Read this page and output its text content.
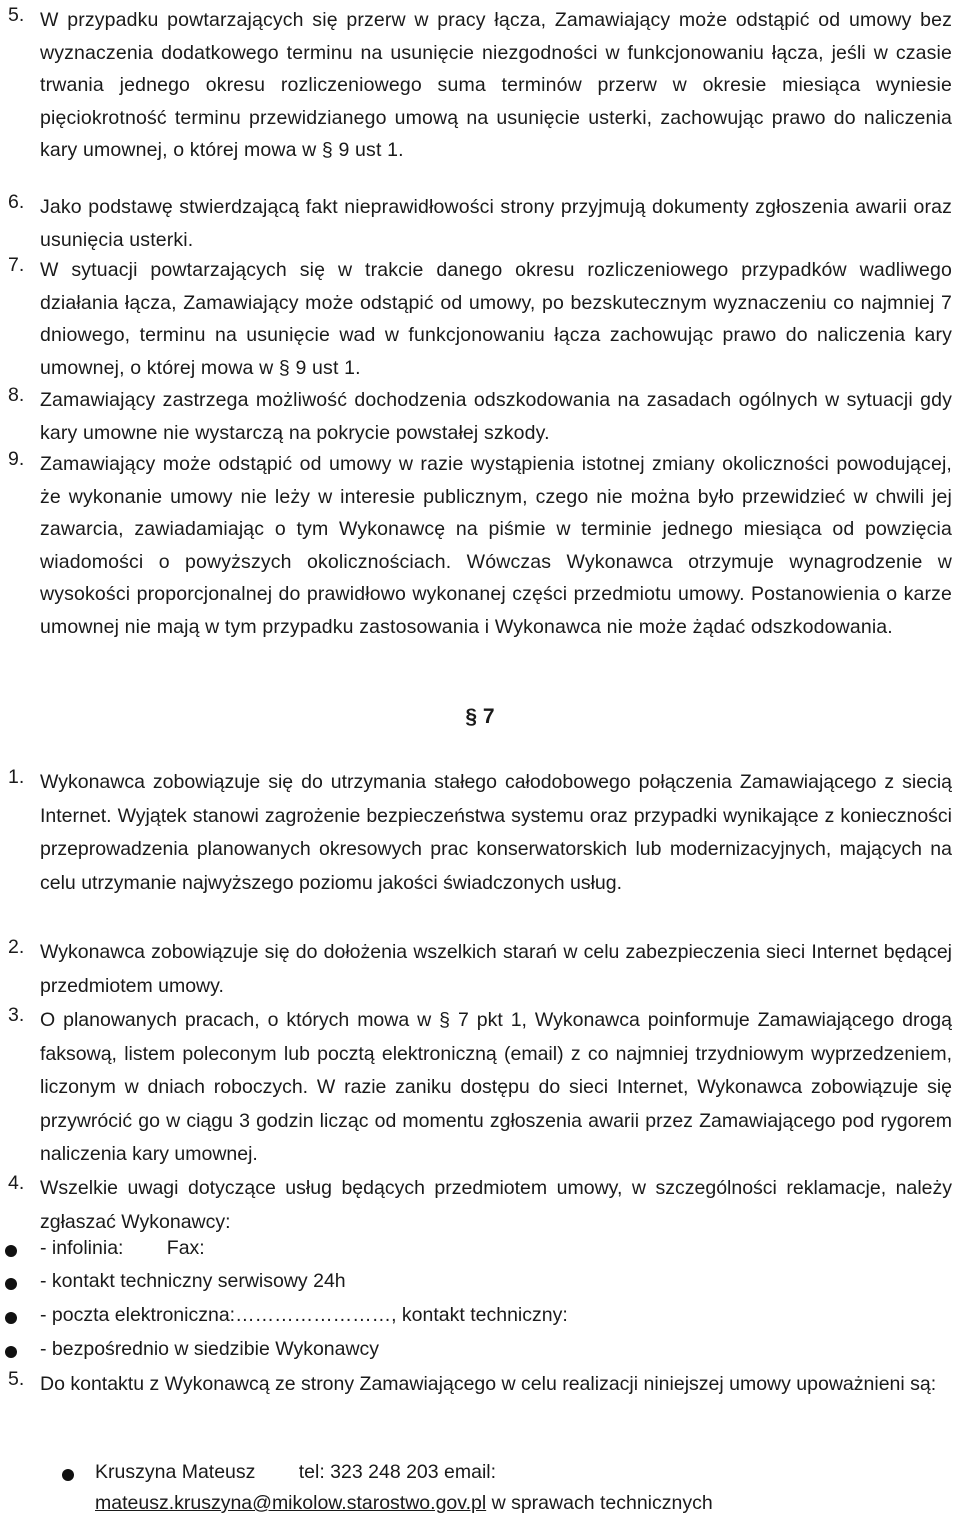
5. W przypadku powtarzających się przerw w pracy łącza, Zamawiający może odstąpić od umowy bez wyznaczenia dodatkowego terminu na usunięcie niezgodności w funkcjonowaniu łącza, jeśli w czasie trwania jednego okresu rozliczeniowego suma terminów przerw w okresie miesiąca wyniesie pięciokrotność terminu przewidzianego umową na usunięcie usterki, zachowując prawo do naliczenia kary umownej, o której mowa w § 9 ust 1.
6. Jako podstawę stwierdzającą fakt nieprawidłowości strony przyjmują dokumenty zgłoszenia awarii oraz usunięcia usterki.
7. W sytuacji powtarzających się w trakcie danego okresu rozliczeniowego przypadków wadliwego działania łącza, Zamawiający może odstąpić od umowy, po bezskutecznym wyznaczeniu co najmniej 7 dniowego, terminu na usunięcie wad w funkcjonowaniu łącza zachowując prawo do naliczenia kary umownej, o której mowa w § 9 ust 1.
8. Zamawiający zastrzega możliwość dochodzenia odszkodowania na zasadach ogólnych w sytuacji gdy kary umowne nie wystarczą na pokrycie powstałej szkody.
9. Zamawiający może odstąpić od umowy w razie wystąpienia istotnej zmiany okoliczności powodującej, że wykonanie umowy nie leży w interesie publicznym, czego nie można było przewidzieć w chwili jej zawarcia, zawiadamiając o tym Wykonawcę na piśmie w terminie jednego miesiąca od powzięcia wiadomości o powyższych okolicznościach. Wówczas Wykonawca otrzymuje wynagrodzenie w wysokości proporcjonalnej do prawidłowo wykonanej części przedmiotu umowy. Postanowienia o karze umownej nie mają w tym przypadku zastosowania i Wykonawca nie może żądać odszkodowania.
§ 7
1. Wykonawca zobowiązuje się do utrzymania stałego całodobowego połączenia Zamawiającego z siecią Internet. Wyjątek stanowi zagrożenie bezpieczeństwa systemu oraz przypadki wynikające z konieczności przeprowadzenia planowanych okresowych prac konserwatorskich lub modernizacyjnych, mających na celu utrzymanie najwyższego poziomu jakości świadczonych usług.
2. Wykonawca zobowiązuje się do dołożenia wszelkich starań w celu zabezpieczenia sieci Internet będącej przedmiotem umowy.
3. O planowanych pracach, o których mowa w § 7 pkt 1, Wykonawca poinformuje Zamawiającego drogą faksową, listem poleconym lub pocztą elektroniczną (email) z co najmniej trzydniowym wyprzedzeniem, liczonym w dniach roboczych. W razie zaniku dostępu do sieci Internet, Wykonawca zobowiązuje się przywrócić go w ciągu 3 godzin licząc od momentu zgłoszenia awarii przez Zamawiającego pod rygorem naliczenia kary umownej.
4. Wszelkie uwagi dotyczące usług będących przedmiotem umowy, w szczególności reklamacje, należy zgłaszać Wykonawcy:
- infolinia:        Fax:
- kontakt techniczny serwisowy 24h
- poczta elektroniczna:……………………, kontakt techniczny:
- bezpośrednio w siedzibie Wykonawcy
5. Do kontaktu z Wykonawcą ze strony Zamawiającego w celu realizacji niniejszej umowy upoważnieni są:
Kruszyna Mateusz        tel: 323 248 203 email:
mateusz.kruszyna@mikolow.starostwo.gov.pl w sprawach technicznych
